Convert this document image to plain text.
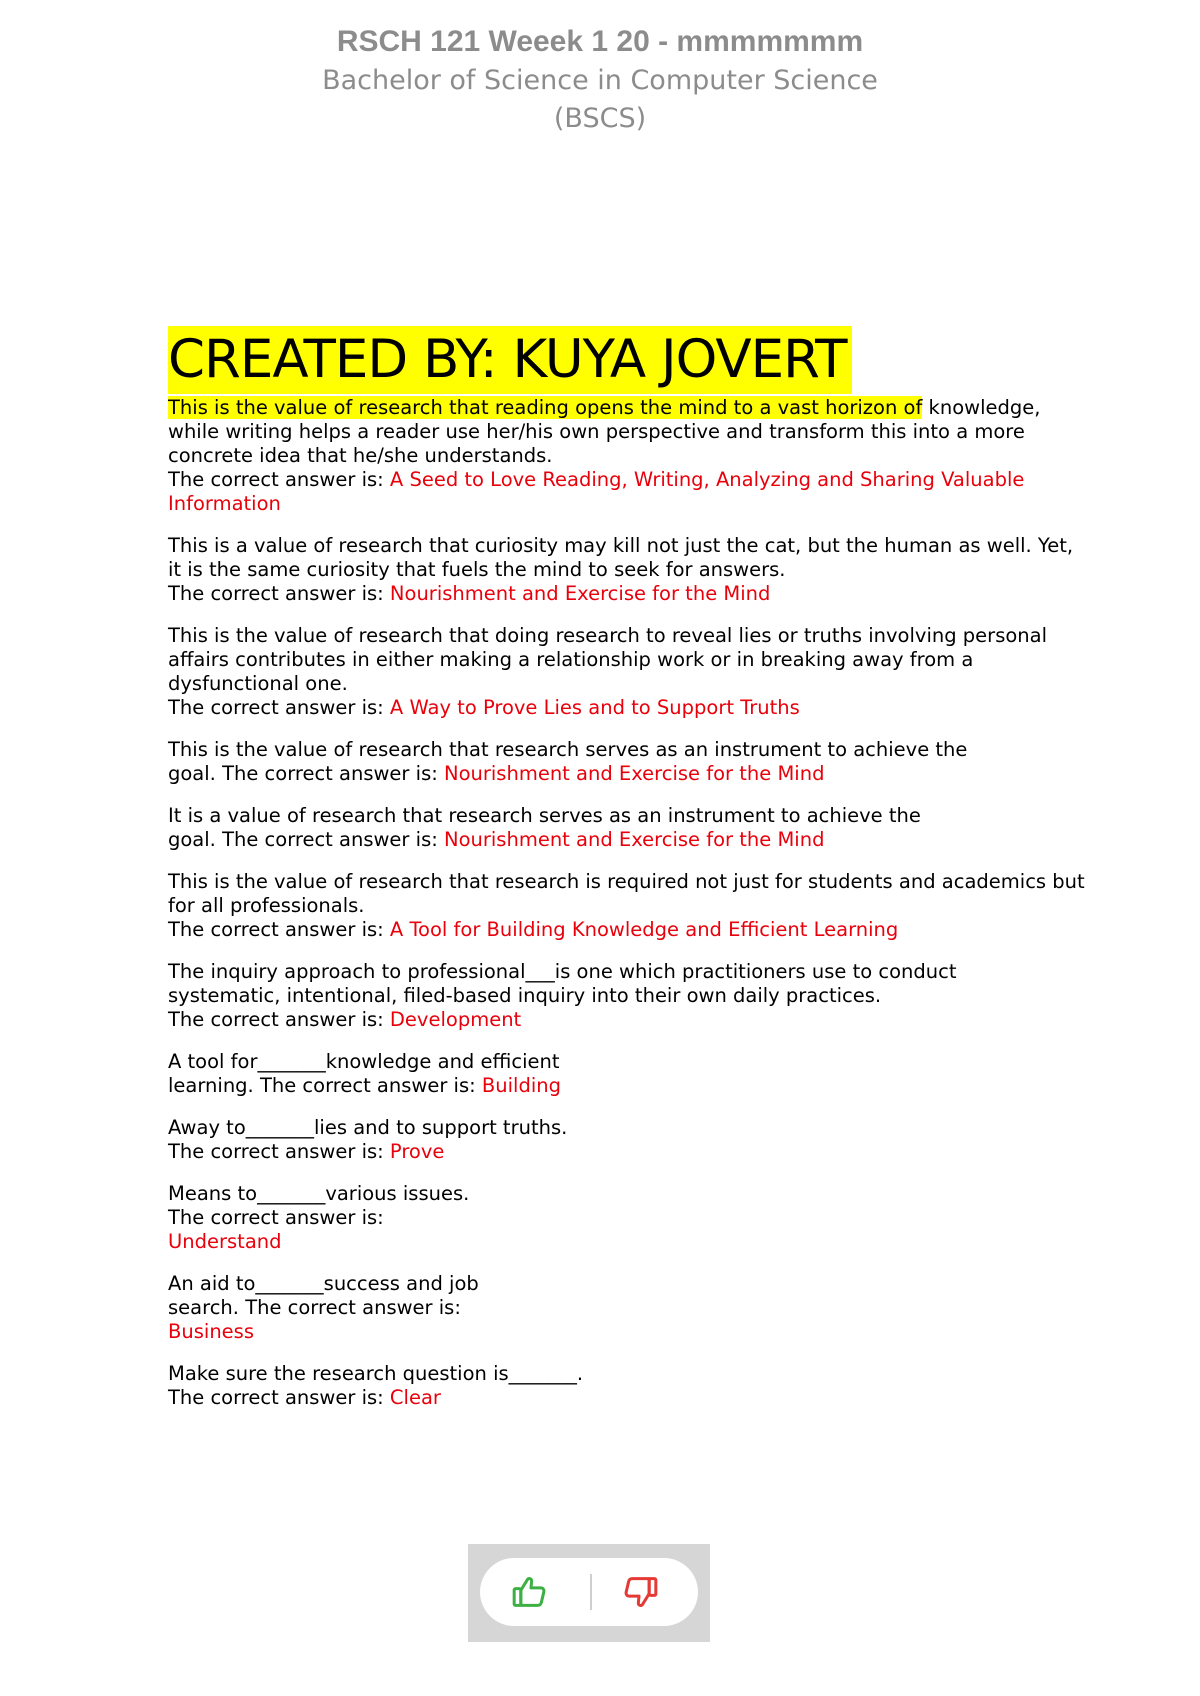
RSCH 121 Weeek 1 20 - mmmmmmm
Bachelor of Science in Computer Science
(BSCS)
CREATED BY: KUYA JOVERT
This is the value of research that reading opens the mind to a vast horizon of knowledge, while writing helps a reader use her/his own perspective and transform this into a more concrete idea that he/she understands.
The correct answer is: A Seed to Love Reading, Writing, Analyzing and Sharing Valuable Information
This is a value of research that curiosity may kill not just the cat, but the human as well. Yet, it is the same curiosity that fuels the mind to seek for answers.
The correct answer is: Nourishment and Exercise for the Mind
This is the value of research that doing research to reveal lies or truths involving personal affairs contributes in either making a relationship work or in breaking away from a dysfunctional one.
The correct answer is: A Way to Prove Lies and to Support Truths
This is the value of research that research serves as an instrument to achieve the goal. The correct answer is: Nourishment and Exercise for the Mind
It is a value of research that research serves as an instrument to achieve the goal. The correct answer is: Nourishment and Exercise for the Mind
This is the value of research that research is required not just for students and academics but for all professionals.
The correct answer is: A Tool for Building Knowledge and Efficient Learning
The inquiry approach to professional___is one which practitioners use to conduct systematic, intentional, filed-based inquiry into their own daily practices.
The correct answer is: Development
A tool for_______knowledge and efficient learning. The correct answer is: Building
Away to_______lies and to support truths. The correct answer is: Prove
Means to_______various issues. The correct answer is: Understand
An aid to_______success and job search. The correct answer is: Business
Make sure the research question is_______.
The correct answer is: Clear
